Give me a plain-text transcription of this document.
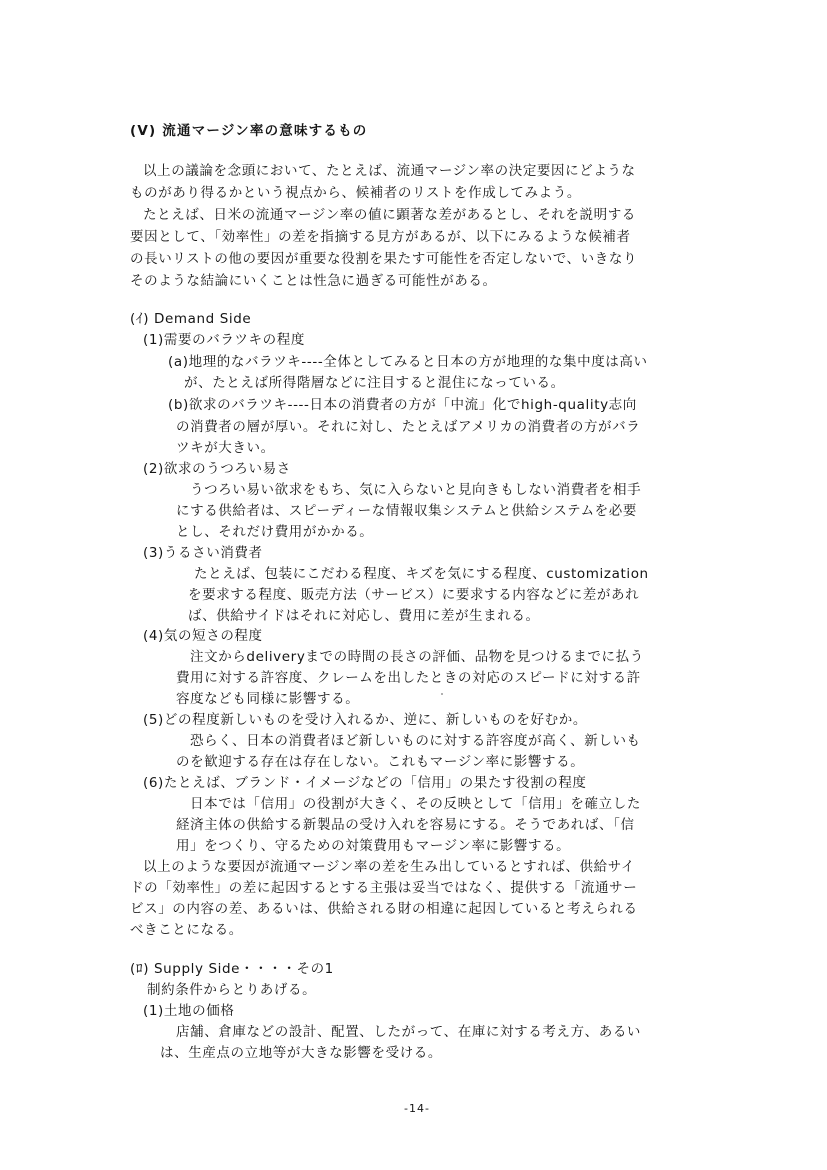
(V) 流通マージン率の意味するもの
以上の議論を念頭において、たとえば、流通マージン率の決定要因にどような
ものがあり得るかという視点から、候補者のリストを作成してみよう。
たとえば、日米の流通マージン率の値に顕著な差があるとし、それを説明する
要因として、「効率性」の差を指摘する見方があるが、以下にみるような候補者
の長いリストの他の要因が重要な役割を果たす可能性を否定しないで、いきなり
そのような結論にいくことは性急に過ぎる可能性がある。
(ｲ) Demand Side
(1)需要のバラツキの程度
(a)地理的なバラツキ----全体としてみると日本の方が地理的な集中度は高い
が、たとえば所得階層などに注目すると混住になっている。
(b)欲求のバラツキ----日本の消費者の方が「中流」化でhigh-quality志向
の消費者の層が厚い。それに対し、たとえばアメリカの消費者の方がバラ
ツキが大きい。
(2)欲求のうつろい易さ
うつろい易い欲求をもち、気に入らないと見向きもしない消費者を相手
にする供給者は、スピーディーな情報収集システムと供給システムを必要
とし、それだけ費用がかかる。
(3)うるさい消費者
たとえば、包装にこだわる程度、キズを気にする程度、customization
を要求する程度、販売方法（サービス）に要求する内容などに差があれ
ば、供給サイドはそれに対応し、費用に差が生まれる。
(4)気の短さの程度
注文からdeliveryまでの時間の長さの評価、品物を見つけるまでに払う
費用に対する許容度、クレームを出したときの対応のスピードに対する許
容度なども同様に影響する。
(5)どの程度新しいものを受け入れるか、逆に、新しいものを好むか。
恐らく、日本の消費者ほど新しいものに対する許容度が高く、新しいも
のを歓迎する存在は存在しない。これもマージン率に影響する。
(6)たとえば、ブランド・イメージなどの「信用」の果たす役割の程度
日本では「信用」の役割が大きく、その反映として「信用」を確立した
経済主体の供給する新製品の受け入れを容易にする。そうであれば、「信
用」をつくり、守るための対策費用もマージン率に影響する。
以上のような要因が流通マージン率の差を生み出しているとすれば、供給サイ
ドの「効率性」の差に起因するとする主張は妥当ではなく、提供する「流通サー
ビス」の内容の差、あるいは、供給される財の相違に起因していると考えられる
べきことになる。
(ﾛ) Supply Side・・・・その1
制約条件からとりあげる。
(1)土地の価格
店舗、倉庫などの設計、配置、したがって、在庫に対する考え方、あるい
は、生産点の立地等が大きな影響を受ける。
-14-
